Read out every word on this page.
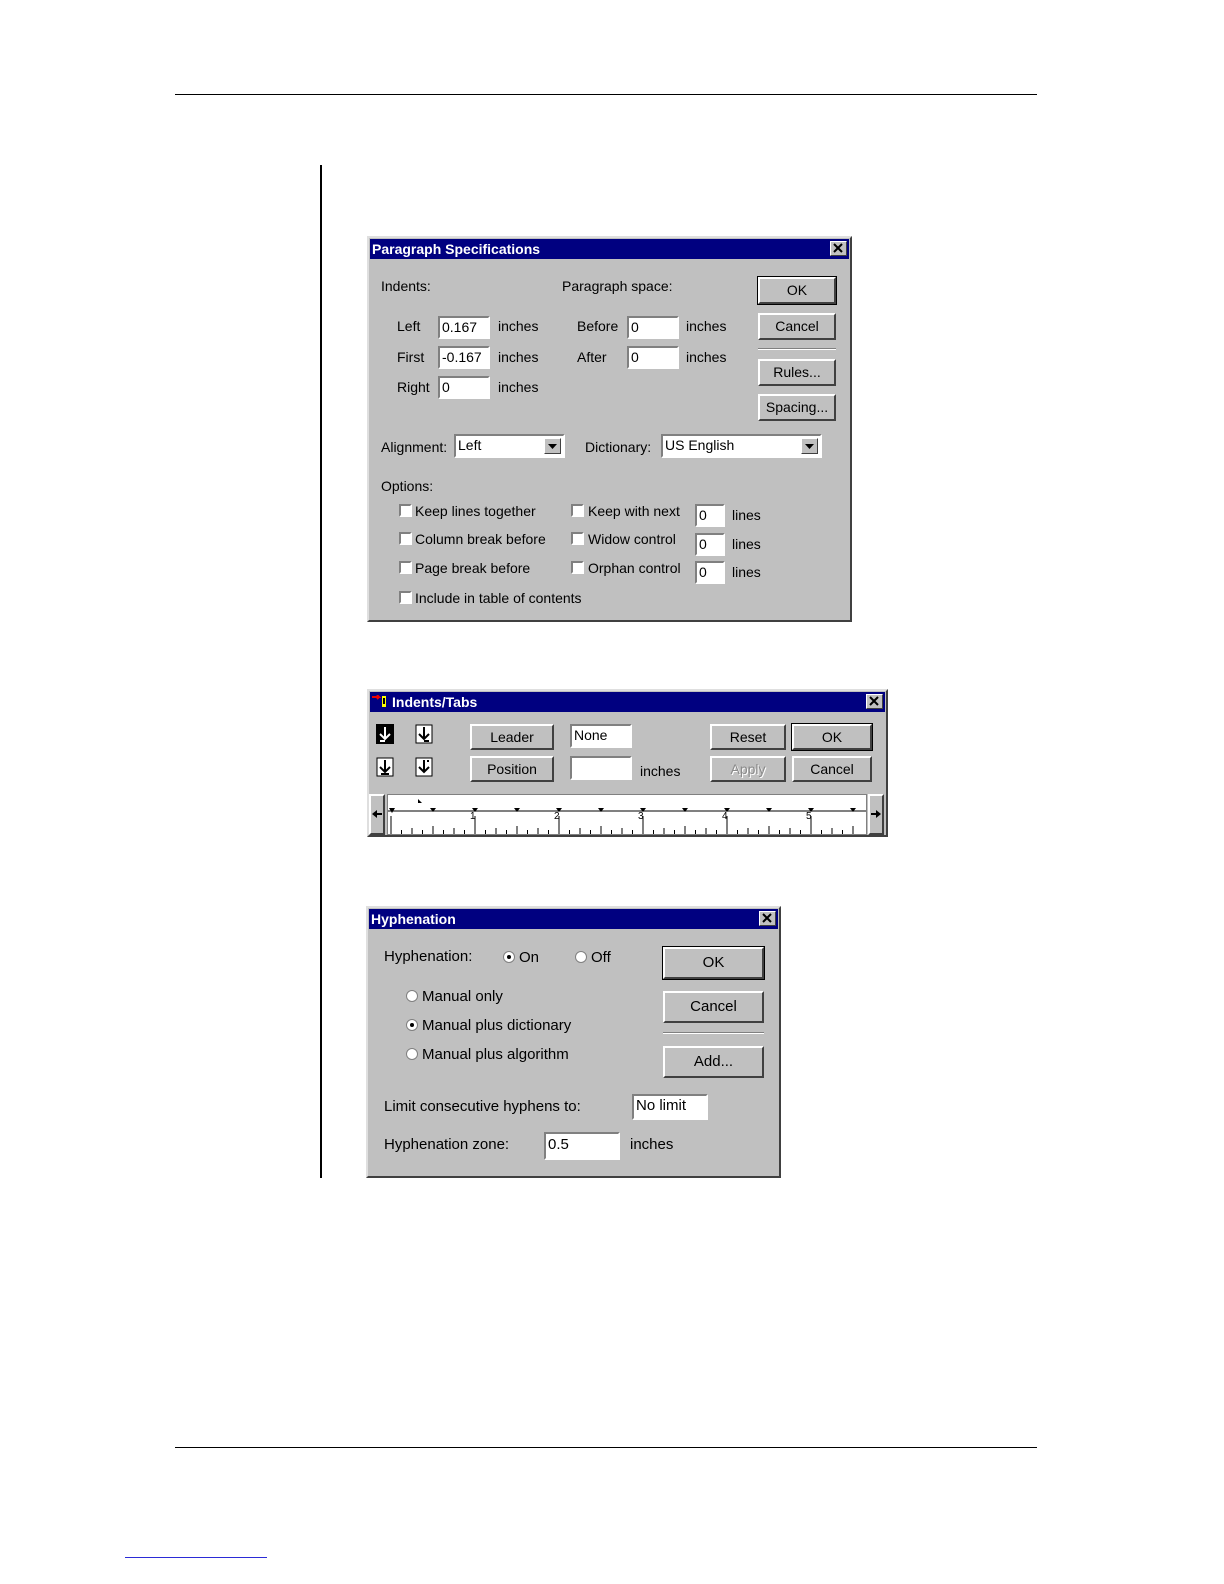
Paragraph Specifications
Indents:	Paragraph space:
Left 0.167	inches
First -0.167	inches
Right 0	inches
Before 0	inches
After 0	inches
OK
Cancel
Rules...
Spacing...
Alignment: Left	Dictionary: US English
Options:
Keep lines together
Column break before
Page break before
Include in table of contents
Keep with next
Widow control
Orphan control
0	lines
0	lines
0	lines
Indents/Tabs
Leader	None
Position	inches
Reset	OK
Apply	Cancel
1	2	3	4	5
Hyphenation
Hyphenation:	On	Off
Manual only
Manual plus dictionary
Manual plus algorithm
OK
Cancel
Add...
Limit consecutive hyphens to:	No limit
Hyphenation zone:	0.5	inches
